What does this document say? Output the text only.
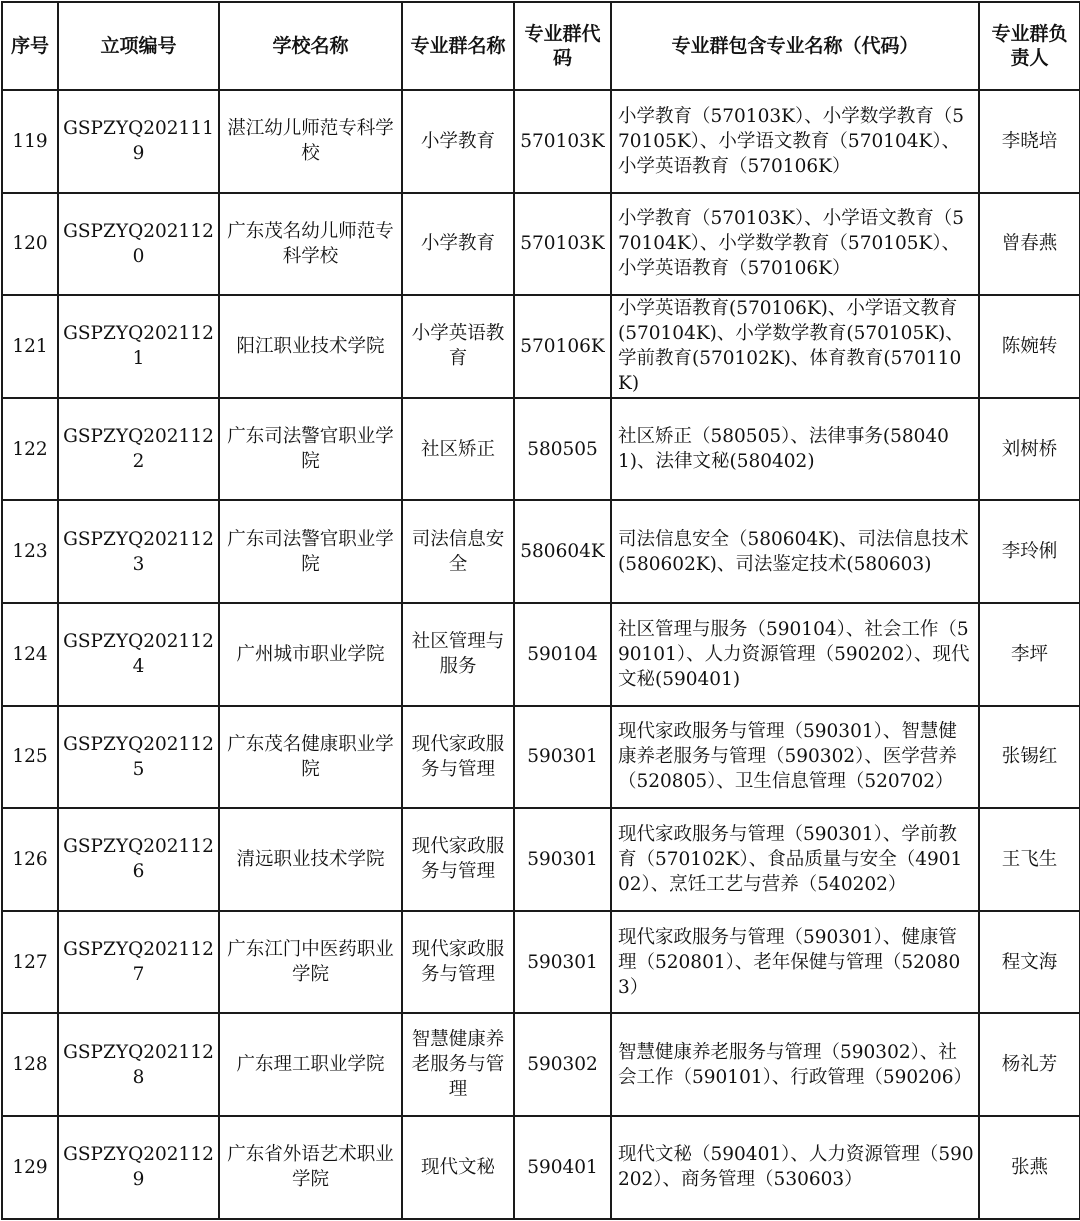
序号	立项编号	学校名称	专业群名称	专业群代码	专业群包含专业名称（代码）	专业群负责人
119	GSPZYQ2021119	湛江幼儿师范专科学校	小学教育	570103K	小学教育（570103K）、小学数学教育（570105K）、小学语文教育（570104K）、小学英语教育（570106K）	李晓培
120	GSPZYQ2021120	广东茂名幼儿师范专科学校	小学教育	570103K	小学教育（570103K）、小学语文教育（570104K）、小学数学教育（570105K）、小学英语教育（570106K）	曾春燕
121	GSPZYQ2021121	阳江职业技术学院	小学英语教育	570106K	小学英语教育(570106K)、小学语文教育(570104K)、小学数学教育(570105K)、学前教育(570102K)、体育教育(570110K)	陈婉转
122	GSPZYQ2021122	广东司法警官职业学院	社区矫正	580505	社区矫正（580505）、法律事务(580401)、法律文秘(580402)	刘树桥
123	GSPZYQ2021123	广东司法警官职业学院	司法信息安全	580604K	司法信息安全（580604K)、司法信息技术(580602K)、司法鉴定技术(580603)	李玲俐
124	GSPZYQ2021124	广州城市职业学院	社区管理与服务	590104	社区管理与服务（590104）、社会工作（590101）、人力资源管理（590202）、现代文秘(590401)	李坪
125	GSPZYQ2021125	广东茂名健康职业学院	现代家政服务与管理	590301	现代家政服务与管理（590301）、智慧健康养老服务与管理（590302）、医学营养（520805）、卫生信息管理（520702）	张锡红
126	GSPZYQ2021126	清远职业技术学院	现代家政服务与管理	590301	现代家政服务与管理（590301）、学前教育（570102K）、食品质量与安全（490102）、烹饪工艺与营养（540202）	王飞生
127	GSPZYQ2021127	广东江门中医药职业学院	现代家政服务与管理	590301	现代家政服务与管理（590301）、健康管理（520801）、老年保健与管理（520803）	程文海
128	GSPZYQ2021128	广东理工职业学院	智慧健康养老服务与管理	590302	智慧健康养老服务与管理（590302）、社会工作（590101）、行政管理（590206）	杨礼芳
129	GSPZYQ2021129	广东省外语艺术职业学院	现代文秘	590401	现代文秘（590401）、人力资源管理（590202）、商务管理（530603）	张燕
